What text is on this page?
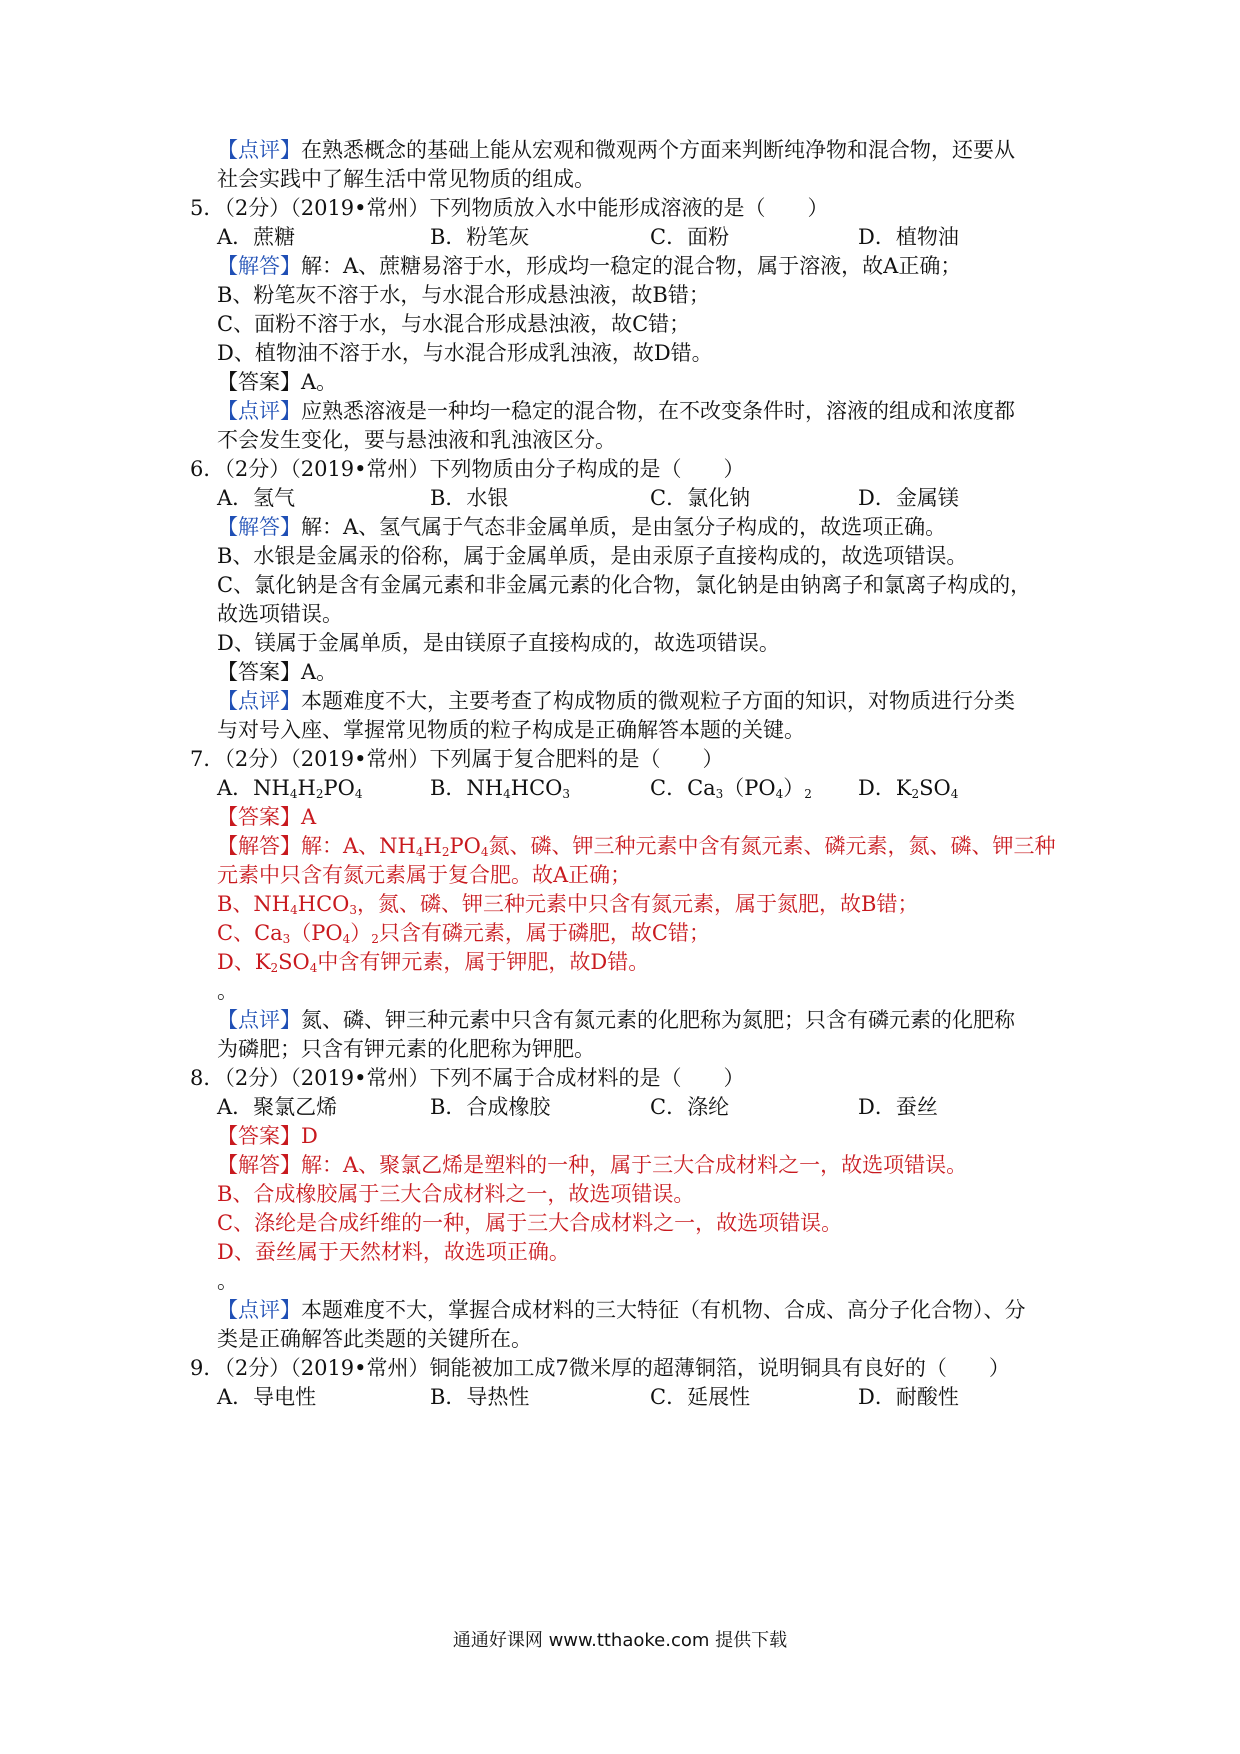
【点评】在熟悉概念的基础上能从宏观和微观两个方面来判断纯净物和混合物，还要从
社会实践中了解生活中常见物质的组成。
5．（2分）（2019•常州）下列物质放入水中能形成溶液的是（　　）
A．蔗糖	B．粉笔灰	C．面粉	D．植物油
【解答】解：A、蔗糖易溶于水，形成均一稳定的混合物，属于溶液，故A正确；
B、粉笔灰不溶于水，与水混合形成悬浊液，故B错；
C、面粉不溶于水，与水混合形成悬浊液，故C错；
D、植物油不溶于水，与水混合形成乳浊液，故D错。
【答案】A。
【点评】应熟悉溶液是一种均一稳定的混合物，在不改变条件时，溶液的组成和浓度都
不会发生变化，要与悬浊液和乳浊液区分。
6．（2分）（2019•常州）下列物质由分子构成的是（　　）
A．氢气	B．水银	C．氯化钠	D．金属镁
【解答】解：A、氢气属于气态非金属单质，是由氢分子构成的，故选项正确。
B、水银是金属汞的俗称，属于金属单质，是由汞原子直接构成的，故选项错误。
C、氯化钠是含有金属元素和非金属元素的化合物，氯化钠是由钠离子和氯离子构成的，
故选项错误。
D、镁属于金属单质，是由镁原子直接构成的，故选项错误。
【答案】A。
【点评】本题难度不大，主要考查了构成物质的微观粒子方面的知识，对物质进行分类
与对号入座、掌握常见物质的粒子构成是正确解答本题的关键。
7．（2分）（2019•常州）下列属于复合肥料的是（　　）
A．$NH_4H_2PO_4$	B．$NH_4HCO_3$	C．$Ca_3(PO_4)_2$	D．$K_2SO_4$
【答案】A
【解答】解：A、$NH_4H_2PO_4$氮、磷、钾三种元素中含有氮元素、磷元素，氮、磷、钾三种
元素中只含有氮元素属于复合肥。故A正确；
B、$NH_4HCO_3$，氮、磷、钾三种元素中只含有氮元素，属于氮肥，故B错；
C、$Ca_3(PO_4)_2$只含有磷元素，属于磷肥，故C错；
D、$K_2SO_4$中含有钾元素，属于钾肥，故D错。
。
【点评】氮、磷、钾三种元素中只含有氮元素的化肥称为氮肥；只含有磷元素的化肥称
为磷肥；只含有钾元素的化肥称为钾肥。
8．（2分）（2019•常州）下列不属于合成材料的是（　　）
A．聚氯乙烯	B．合成橡胶	C．涤纶	D．蚕丝
【答案】D
【解答】解：A、聚氯乙烯是塑料的一种，属于三大合成材料之一，故选项错误。
B、合成橡胶属于三大合成材料之一，故选项错误。
C、涤纶是合成纤维的一种，属于三大合成材料之一，故选项错误。
D、蚕丝属于天然材料，故选项正确。
。
【点评】本题难度不大，掌握合成材料的三大特征（有机物、合成、高分子化合物）、分
类是正确解答此类题的关键所在。
9．（2分）（2019•常州）铜能被加工成7微米厚的超薄铜箔，说明铜具有良好的（　　）
A．导电性	B．导热性	C．延展性	D．耐酸性
通通好课网 www.tthaoke.com 提供下载
